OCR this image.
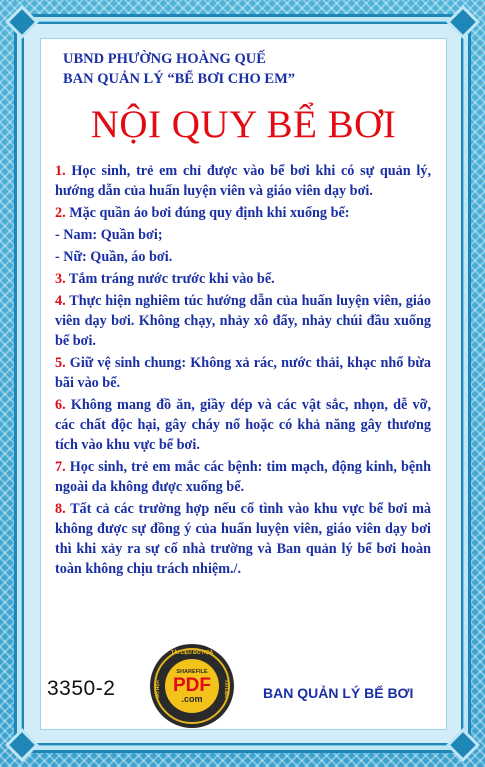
UBND PHƯỜNG HOÀNG QUẾ
BAN QUẢN LÝ “BỂ BƠI CHO EM”
NỘI QUY BỂ BƠI
1. Học sinh, trẻ em chỉ được vào bể bơi khi có sự quản lý, hướng dẫn của huấn luyện viên và giáo viên dạy bơi.
2. Mặc quần áo bơi đúng quy định khi xuống bể:
- Nam: Quần bơi;
- Nữ: Quần, áo bơi.
3. Tắm tráng nước trước khi vào bể.
4. Thực hiện nghiêm túc hướng dẫn của huấn luyện viên, giáo viên dạy bơi. Không chạy, nhảy xô đẩy, nhảy chúi đầu xuống bể bơi.
5. Giữ vệ sinh chung: Không xả rác, nước thải, khạc nhổ bừa bãi vào bể.
6. Không mang đồ ăn, giầy dép và các vật sắc, nhọn, dễ vỡ, các chất độc hại, gây cháy nổ hoặc có khả năng gây thương tích vào khu vực bể bơi.
7. Học sinh, trẻ em mắc các bệnh: tim mạch, động kinh, bệnh ngoài da không được xuống bể.
8. Tất cả các trường hợp nếu cố tình vào khu vực bể bơi mà không được sự đồng ý của huấn luyện viên, giáo viên dạy bơi thì khi xảy ra sự cố nhà trường và Ban quản lý bể bơi hoàn toàn không chịu trách nhiệm./.
3350-2
TÀI LIỆU ĐỒ HỌA
ĐỒ HỌA	TÀI LIỆU
SHAREFILE
PDF
.com	BAN QUẢN LÝ BỂ BƠI
